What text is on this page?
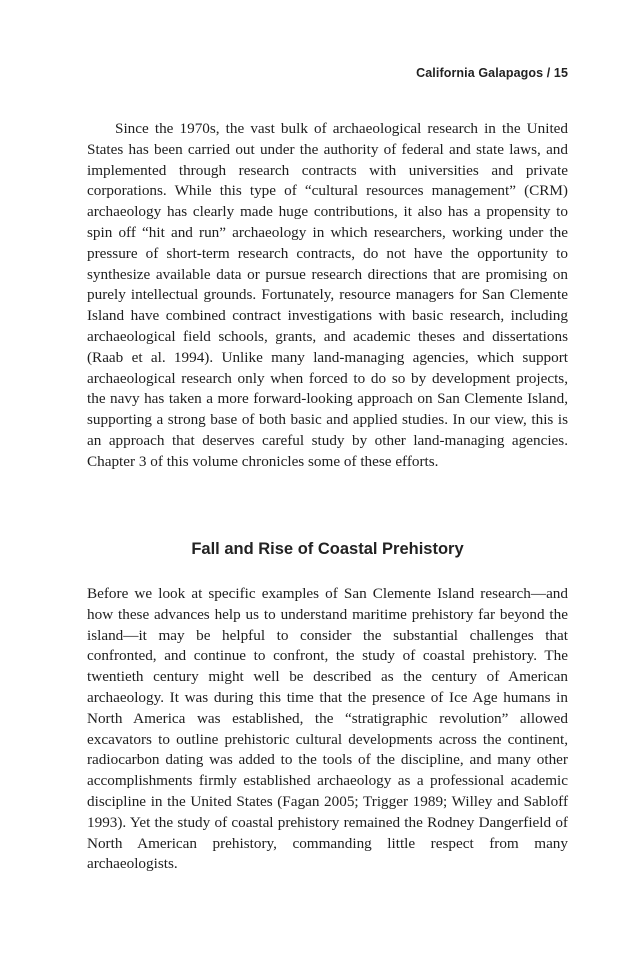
California Galapagos / 15

Since the 1970s, the vast bulk of archaeological research in the United States has been carried out under the authority of federal and state laws, and implemented through research contracts with universities and private corporations. While this type of “cultural resources management” (CRM) archaeology has clearly made huge contributions, it also has a propensity to spin off “hit and run” archaeology in which researchers, working under the pressure of short-term research contracts, do not have the opportunity to synthesize available data or pursue research directions that are promising on purely intellectual grounds. Fortunately, resource managers for San Clemente Island have combined contract investigations with basic research, including archaeological field schools, grants, and academic theses and dissertations (Raab et al. 1994). Unlike many land-managing agencies, which support archaeological research only when forced to do so by development projects, the navy has taken a more forward-looking approach on San Clemente Island, supporting a strong base of both basic and applied studies. In our view, this is an approach that deserves careful study by other land-managing agencies. Chapter 3 of this volume chronicles some of these efforts.

Fall and Rise of Coastal Prehistory

Before we look at specific examples of San Clemente Island research—and how these advances help us to understand maritime prehistory far beyond the island—it may be helpful to consider the substantial challenges that confronted, and continue to confront, the study of coastal prehistory. The twentieth century might well be described as the century of American archaeology. It was during this time that the presence of Ice Age humans in North America was established, the “stratigraphic revolution” allowed excavators to outline prehistoric cultural developments across the continent, radiocarbon dating was added to the tools of the discipline, and many other accomplishments firmly established archaeology as a professional academic discipline in the United States (Fagan 2005; Trigger 1989; Willey and Sabloff 1993). Yet the study of coastal prehistory remained the Rodney Dangerfield of North American prehistory, commanding little respect from many archaeologists.
